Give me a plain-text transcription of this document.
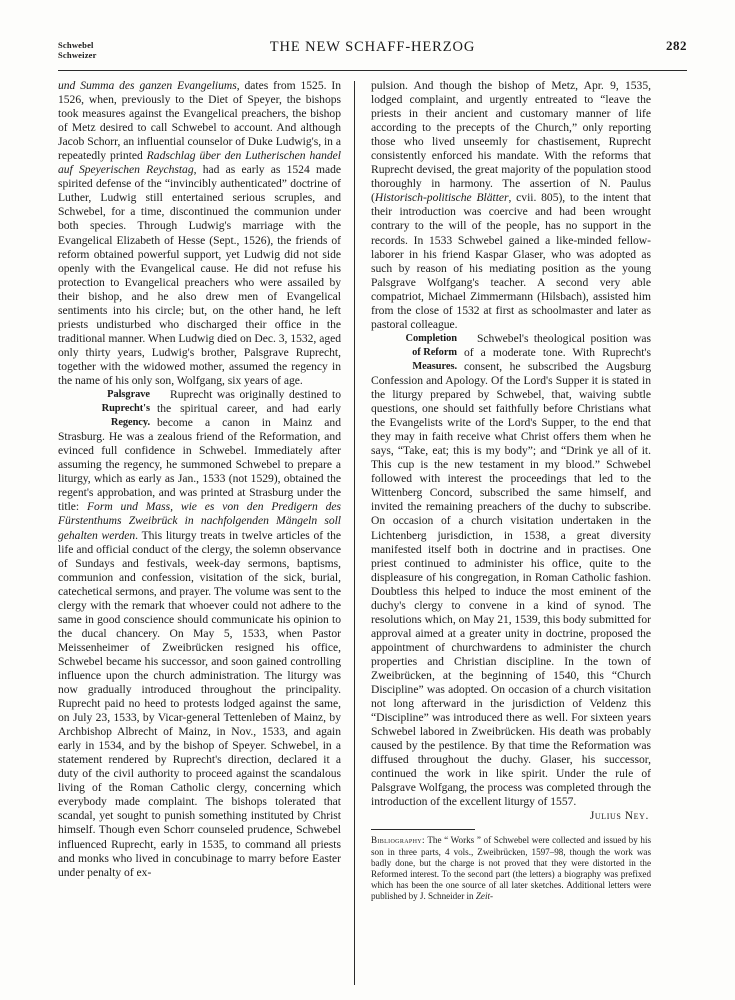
Schwebel
Schweizer
THE NEW SCHAFF-HERZOG	282

und Summa des ganzen Evangeliums, dates from 1525. In 1526, when, previously to the Diet of Speyer, the bishops took measures against the Evangelical preachers, the bishop of Metz desired to call Schwebel to account. And although Jacob Schorr, an influential counselor of Duke Ludwig's, in a repeatedly printed Radschlag über den Lutherischen handel auf Speyerischen Reychstag, had as early as 1524 made spirited defense of the “invincibly authenticated” doctrine of Luther, Ludwig still entertained serious scruples, and Schwebel, for a time, discontinued the communion under both species. Through Ludwig's marriage with the Evangelical Elizabeth of Hesse (Sept., 1526), the friends of reform obtained powerful support, yet Ludwig did not side openly with the Evangelical cause. He did not refuse his protection to Evangelical preachers who were assailed by their bishop, and he also drew men of Evangelical sentiments into his circle; but, on the other hand, he left priests undisturbed who discharged their office in the traditional manner. When Ludwig died on Dec. 3, 1532, aged only thirty years, Ludwig's brother, Palsgrave Ruprecht, together with the widowed mother, assumed the regency in the name of his only son, Wolfgang, six years of age.

Palsgrave
Ruprecht's
Regency.

Ruprecht was originally destined to the spiritual career, and had early become a canon in Mainz and Strasburg. He was a zealous friend of the Reformation, and evinced full confidence in Schwebel. Immediately after assuming the regency, he summoned Schwebel to prepare a liturgy, which as early as Jan., 1533 (not 1529), obtained the regent's approbation, and was printed at Strasburg under the title: Form und Mass, wie es von den Predigern des Fürstenthums Zweibrück in nachfolgenden Mängeln soll gehalten werden. This liturgy treats in twelve articles of the life and official conduct of the clergy, the solemn observance of Sundays and festivals, week-day sermons, baptisms, communion and confession, visitation of the sick, burial, catechetical sermons, and prayer. The volume was sent to the clergy with the remark that whoever could not adhere to the same in good conscience should communicate his opinion to the ducal chancery. On May 5, 1533, when Pastor Meissenheimer of Zweibrücken resigned his office, Schwebel became his successor, and soon gained controlling influence upon the church administration. The liturgy was now gradually introduced throughout the principality. Ruprecht paid no heed to protests lodged against the same, on July 23, 1533, by Vicar-general Tettenleben of Mainz, by Archbishop Albrecht of Mainz, in Nov., 1533, and again early in 1534, and by the bishop of Speyer. Schwebel, in a statement rendered by Ruprecht's direction, declared it a duty of the civil authority to proceed against the scandalous living of the Roman Catholic clergy, concerning which everybody made complaint. The bishops tolerated that scandal, yet sought to punish something instituted by Christ himself. Though even Schorr counseled prudence, Schwebel influenced Ruprecht, early in 1535, to command all priests and monks who lived in concubinage to marry before Easter under penalty of ex-

pulsion. And though the bishop of Metz, Apr. 9, 1535, lodged complaint, and urgently entreated to “leave the priests in their ancient and customary manner of life according to the precepts of the Church,” only reporting those who lived unseemly for chastisement, Ruprecht consistently enforced his mandate. With the reforms that Ruprecht devised, the great majority of the population stood thoroughly in harmony. The assertion of N. Paulus (Historisch-politische Blätter, cvii. 805), to the intent that their introduction was coercive and had been wrought contrary to the will of the people, has no support in the records. In 1533 Schwebel gained a like-minded fellow-laborer in his friend Kaspar Glaser, who was adopted as such by reason of his mediating position as the young Palsgrave Wolfgang's teacher. A second very able compatriot, Michael Zimmermann (Hilsbach), assisted him from the close of 1532 at first as schoolmaster and later as pastoral colleague.

Completion
of Reform
Measures.

Schwebel's theological position was of a moderate tone. With Ruprecht's consent, he subscribed the Augsburg Confession and Apology. Of the Lord's Supper it is stated in the liturgy prepared by Schwebel, that, waiving subtle questions, one should set faithfully before Christians what the Evangelists write of the Lord's Supper, to the end that they may in faith receive what Christ offers them when he says, “Take, eat; this is my body”; and “Drink ye all of it. This cup is the new testament in my blood.” Schwebel followed with interest the proceedings that led to the Wittenberg Concord, subscribed the same himself, and invited the remaining preachers of the duchy to subscribe. On occasion of a church visitation undertaken in the Lichtenberg jurisdiction, in 1538, a great diversity manifested itself both in doctrine and in practises. One priest continued to administer his office, quite to the displeasure of his congregation, in Roman Catholic fashion. Doubtless this helped to induce the most eminent of the duchy's clergy to convene in a kind of synod. The resolutions which, on May 21, 1539, this body submitted for approval aimed at a greater unity in doctrine, proposed the appointment of churchwardens to administer the church properties and Christian discipline. In the town of Zweibrücken, at the beginning of 1540, this “Church Discipline” was adopted. On occasion of a church visitation not long afterward in the jurisdiction of Veldenz this “Discipline” was introduced there as well. For sixteen years Schwebel labored in Zweibrücken. His death was probably caused by the pestilence. By that time the Reformation was diffused throughout the duchy. Glaser, his successor, continued the work in like spirit. Under the rule of Palsgrave Wolfgang, the process was completed through the introduction of the excellent liturgy of 1557.

Julius Ney.

Bibliography: The “ Works ” of Schwebel were collected and issued by his son in three parts, 4 vols., Zweibrücken, 1597–98, though the work was badly done, but the charge is not proved that they were distorted in the Reformed interest. To the second part (the letters) a biography was prefixed which has been the one source of all later sketches. Additional letters were published by J. Schneider in Zeit-
